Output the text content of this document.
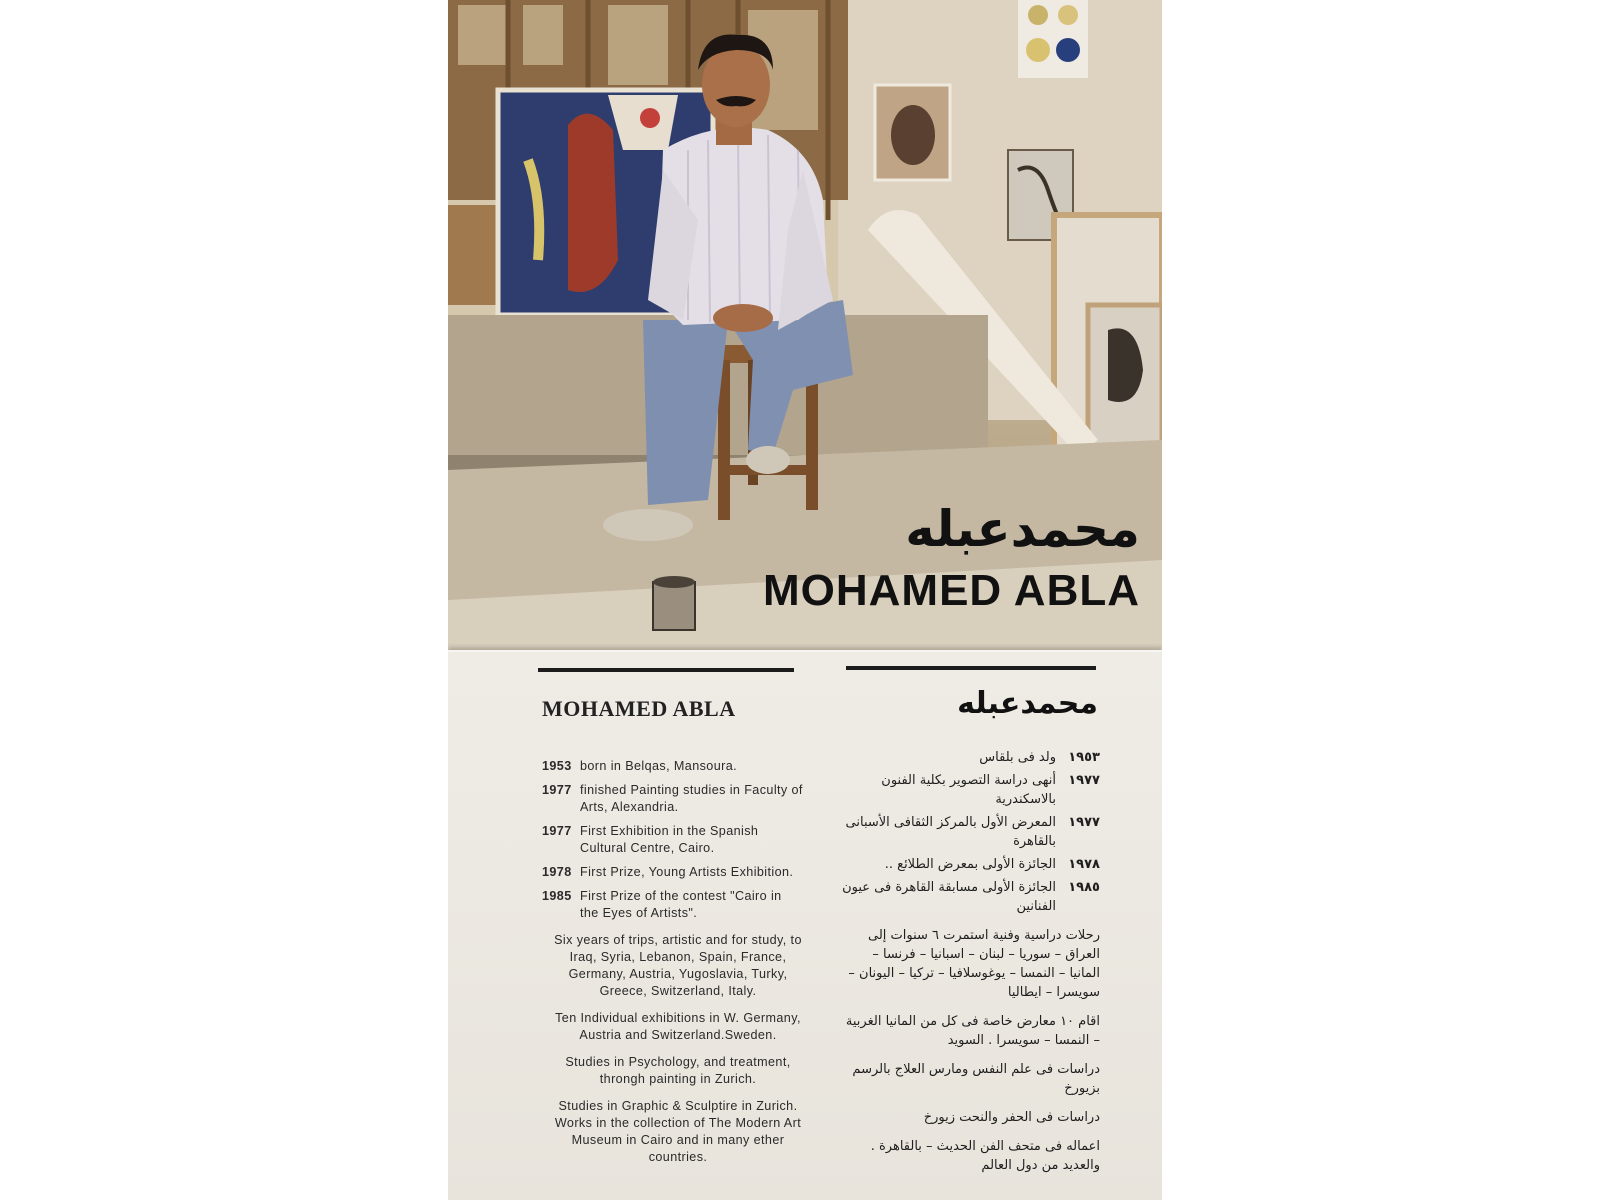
محمدعبله
MOHAMED ABLA
MOHAMED ABLA	محمدعبله
1953 born in Belqas, Mansoura.
1977 finished Painting studies in Faculty of Arts, Alexandria.
1977 First Exhibition in the Spanish Cultural Centre, Cairo.
1978 First Prize, Young Artists Exhibition.
1985 First Prize of the contest "Cairo in the Eyes of Artists".
Six years of trips, artistic and for study, to Iraq, Syria, Lebanon, Spain, France, Germany, Austria, Yugoslavia, Turky, Greece, Switzerland, Italy.
Ten Individual exhibitions in W. Germany, Austria and Switzerland.Sweden.
Studies in Psychology, and treatment, throngh painting in Zurich.
Studies in Graphic & Sculptire in Zurich. Works in the collection of The Modern Art Museum in Cairo and in many ether countries.
١٩٥٣
ولد فى بلقاس
١٩٧٧
أنهى دراسة التصوير بكلية الفنون بالاسكندرية
١٩٧٧
المعرض الأول بالمركز الثقافى الأسبانى بالقاهرة
١٩٧٨
الجائزة الأولى بمعرض الطلائع ..
١٩٨٥
الجائزة الأولى مسابقة القاهرة فى عيون الفنانين
رحلات دراسية وفنية استمرت ٦ سنوات إلى العراق – سوريا – لبنان – اسبانيا – فرنسا – المانيا – النمسا – يوغوسلافيا – تركيا – اليونان – سويسرا – ايطاليا
اقام ١٠ معارض خاصة فى كل من المانيا الغربية – النمسا – سويسرا . السويد
دراسات فى علم النفس ومارس العلاج بالرسم بزيورخ
دراسات فى الحفر والنحت زيورخ
اعماله فى متحف الفن الحديث – بالقاهرة . والعديد من دول العالم
